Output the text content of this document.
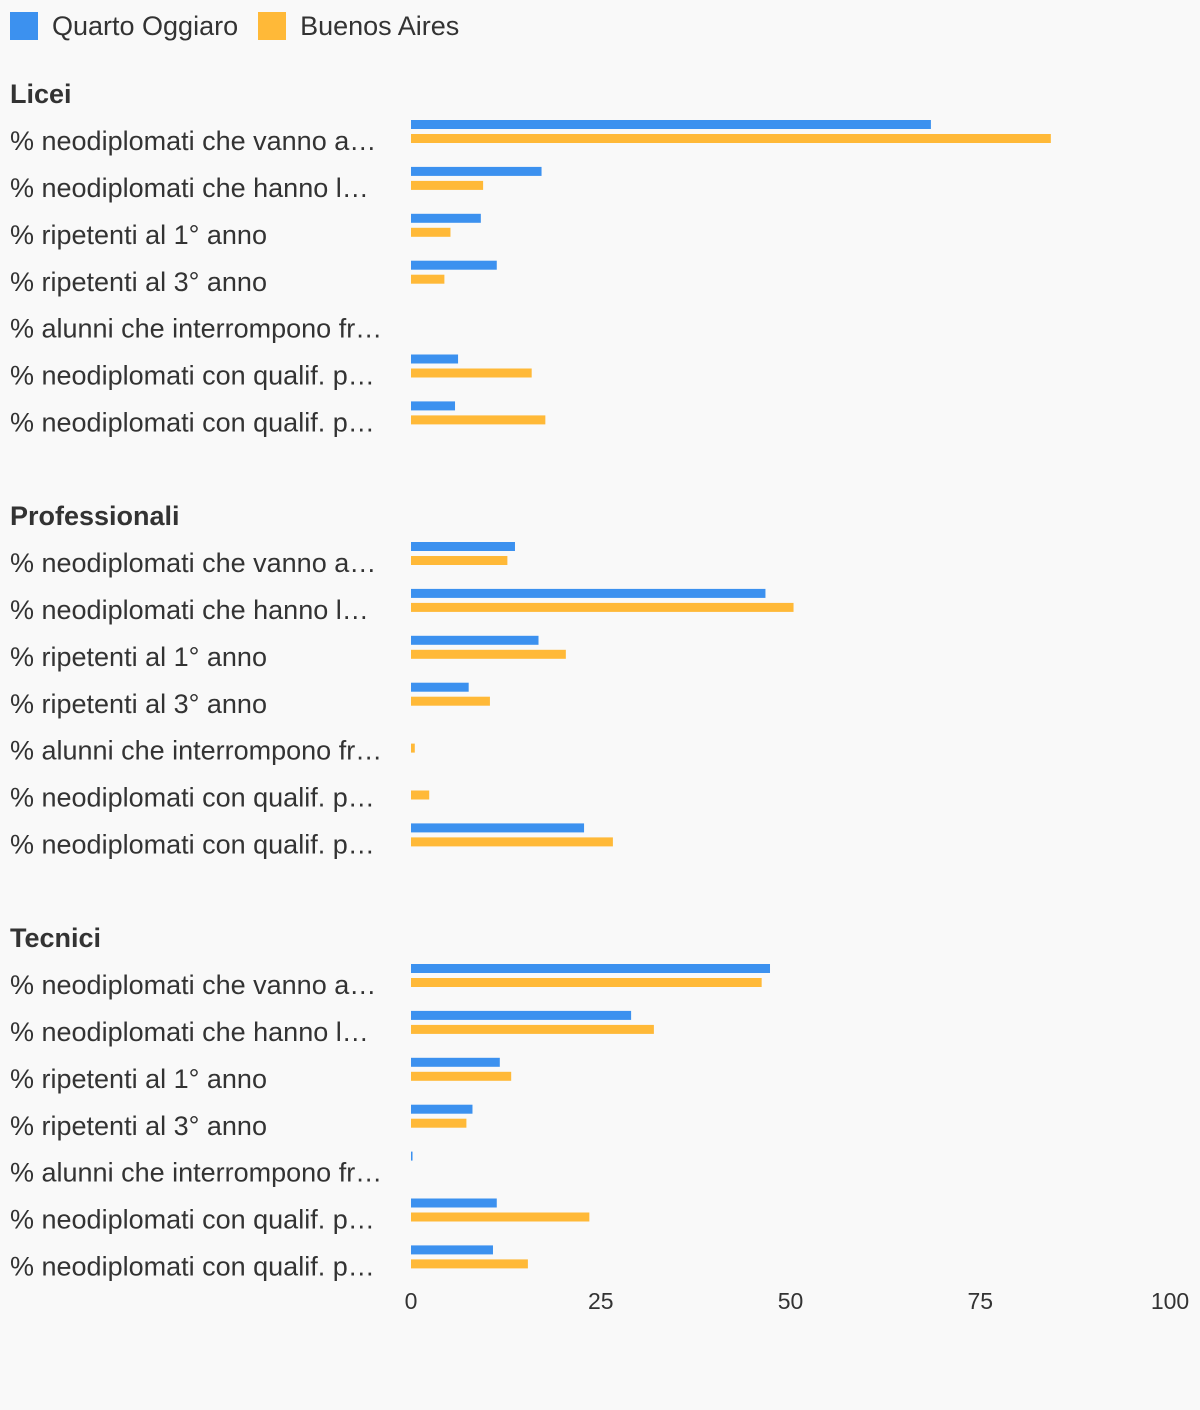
Quarto Oggiaro Buenos Aires
Licei
% neodiplomati che vanno a…
% neodiplomati che hanno l…
% ripetenti al 1° anno
% ripetenti al 3° anno
% alunni che interrompono fr…
% neodiplomati con qualif. p…
% neodiplomati con qualif. p…
Professionali
% neodiplomati che vanno a…
% neodiplomati che hanno l…
% ripetenti al 1° anno
% ripetenti al 3° anno
% alunni che interrompono fr…
% neodiplomati con qualif. p…
% neodiplomati con qualif. p…
Tecnici
% neodiplomati che vanno a…
% neodiplomati che hanno l…
% ripetenti al 1° anno
% ripetenti al 3° anno
% alunni che interrompono fr…
% neodiplomati con qualif. p…
% neodiplomati con qualif. p…
0	25	50	75	100
